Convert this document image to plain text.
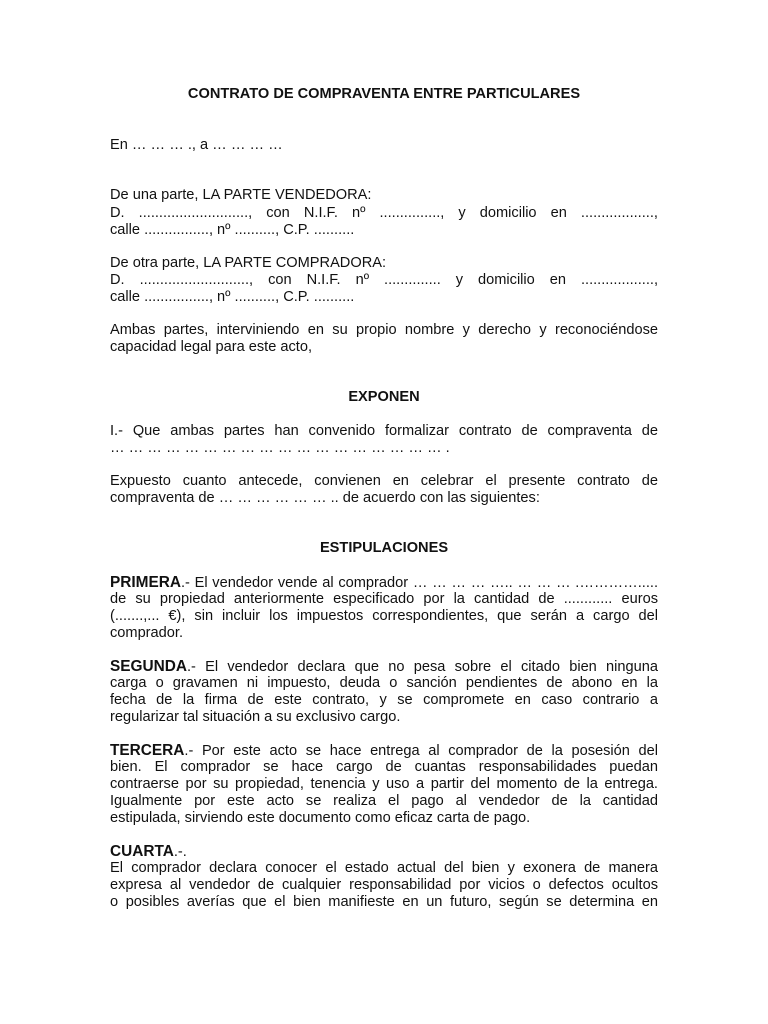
CONTRATO DE COMPRAVENTA ENTRE PARTICULARES
En … … … ., a … … … …
De una parte, LA PARTE VENDEDORA:
D. ..........................., con N.I.F. nº ..............., y domicilio en ..................,
calle ................, nº .........., C.P. ..........
De otra parte, LA PARTE COMPRADORA:
D. ..........................., con N.I.F. nº .............. y domicilio en ..................,
calle ................, nº .........., C.P. ..........
Ambas partes, interviniendo en su propio nombre y derecho y reconociéndose
capacidad legal para este acto,
EXPONEN
I.- Que ambas partes han convenido formalizar contrato de compraventa de
… … … … … … … … … … … … … … … … … … .
Expuesto cuanto antecede, convienen en celebrar el presente contrato de
compraventa de … … … … … … .. de acuerdo con las siguientes:
ESTIPULACIONES
PRIMERA.- El vendedor vende al comprador … … … … ….. … … … .………….....
de su propiedad anteriormente especificado por la cantidad de ............ euros
(.......,... €), sin incluir los impuestos correspondientes, que serán a cargo del
comprador.
SEGUNDA.- El vendedor declara que no pesa sobre el citado bien ninguna
carga o gravamen ni impuesto, deuda o sanción pendientes de abono en la
fecha de la firma de este contrato, y se compromete en caso contrario a
regularizar tal situación a su exclusivo cargo.
TERCERA.- Por este acto se hace entrega al comprador de la posesión del
bien. El comprador se hace cargo de cuantas responsabilidades puedan
contraerse por su propiedad, tenencia y uso a partir del momento de la entrega.
Igualmente por este acto se realiza el pago al vendedor de la cantidad
estipulada, sirviendo este documento como eficaz carta de pago.
CUARTA.-.
El comprador declara conocer el estado actual del bien y exonera de manera
expresa al vendedor de cualquier responsabilidad por vicios o defectos ocultos
o posibles averías que el bien manifieste en un futuro, según se determina en
